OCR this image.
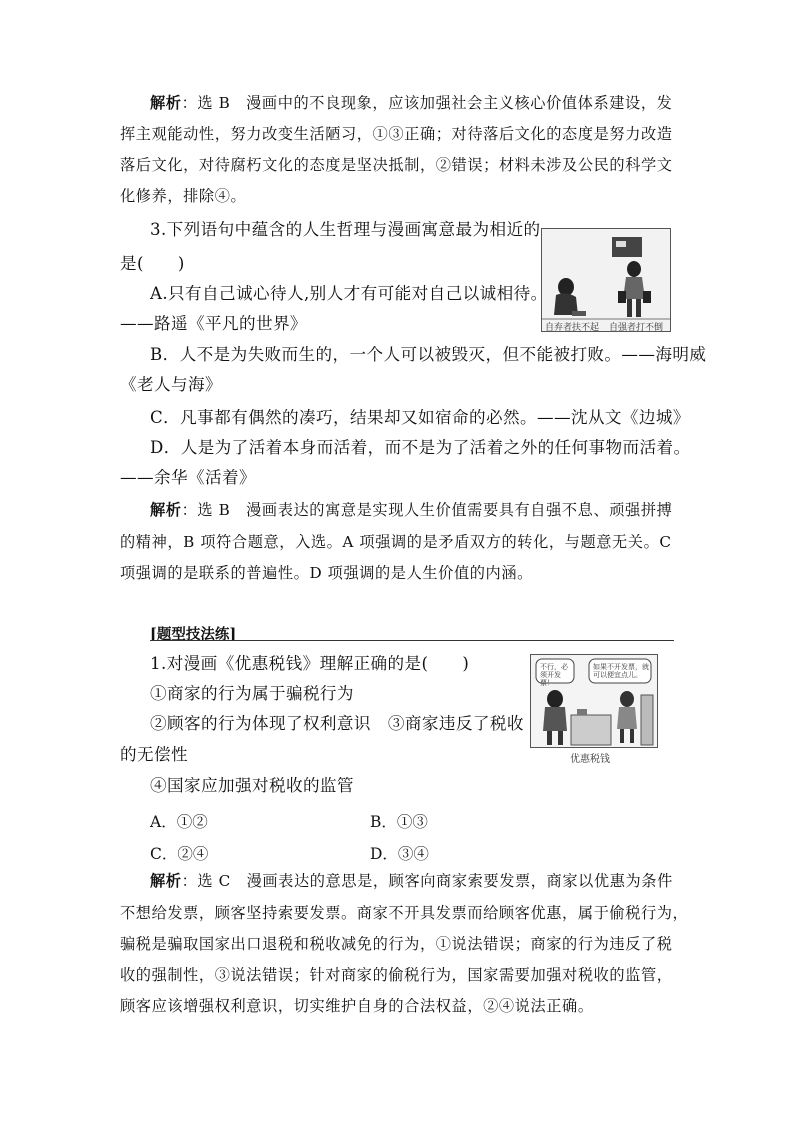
解析：选 B　漫画中的不良现象，应该加强社会主义核心价值体系建设，发
挥主观能动性，努力改变生活陋习，①③正确；对待落后文化的态度是努力改造
落后文化，对待腐朽文化的态度是坚决抵制，②错误；材料未涉及公民的科学文
化修养，排除④。
3.下列语句中蕴含的人生哲理与漫画寓意最为相近的
是(　　)
自弃者扶不起 自强者打不倒
A.只有自己诚心待人,别人才有可能对自己以诚相待。
——路遥《平凡的世界》
B．人不是为失败而生的，一个人可以被毁灭，但不能被打败。——海明威
《老人与海》
C．凡事都有偶然的凑巧，结果却又如宿命的必然。——沈从文《边城》
D．人是为了活着本身而活着，而不是为了活着之外的任何事物而活着。
——余华《活着》
解析：选 B　漫画表达的寓意是实现人生价值需要具有自强不息、顽强拼搏
的精神，B 项符合题意，入选。A 项强调的是矛盾双方的转化，与题意无关。C
项强调的是联系的普遍性。D 项强调的是人生价值的内涵。
[题型技法练]
1.对漫画《优惠税钱》理解正确的是(　　)
①商家的行为属于骗税行为
②顾客的行为体现了权利意识　③商家违反了税收
的无偿性
④国家应加强对税收的监管
不行，必须开发票！
如果不开发票，就可以便宜点儿。
优惠税钱
A．①②	B．①③
C．②④	D．③④
解析：选 C　漫画表达的意思是，顾客向商家索要发票，商家以优惠为条件
不想给发票，顾客坚持索要发票。商家不开具发票而给顾客优惠，属于偷税行为，
骗税是骗取国家出口退税和税收减免的行为，①说法错误；商家的行为违反了税
收的强制性，③说法错误；针对商家的偷税行为，国家需要加强对税收的监管，
顾客应该增强权利意识，切实维护自身的合法权益，②④说法正确。
